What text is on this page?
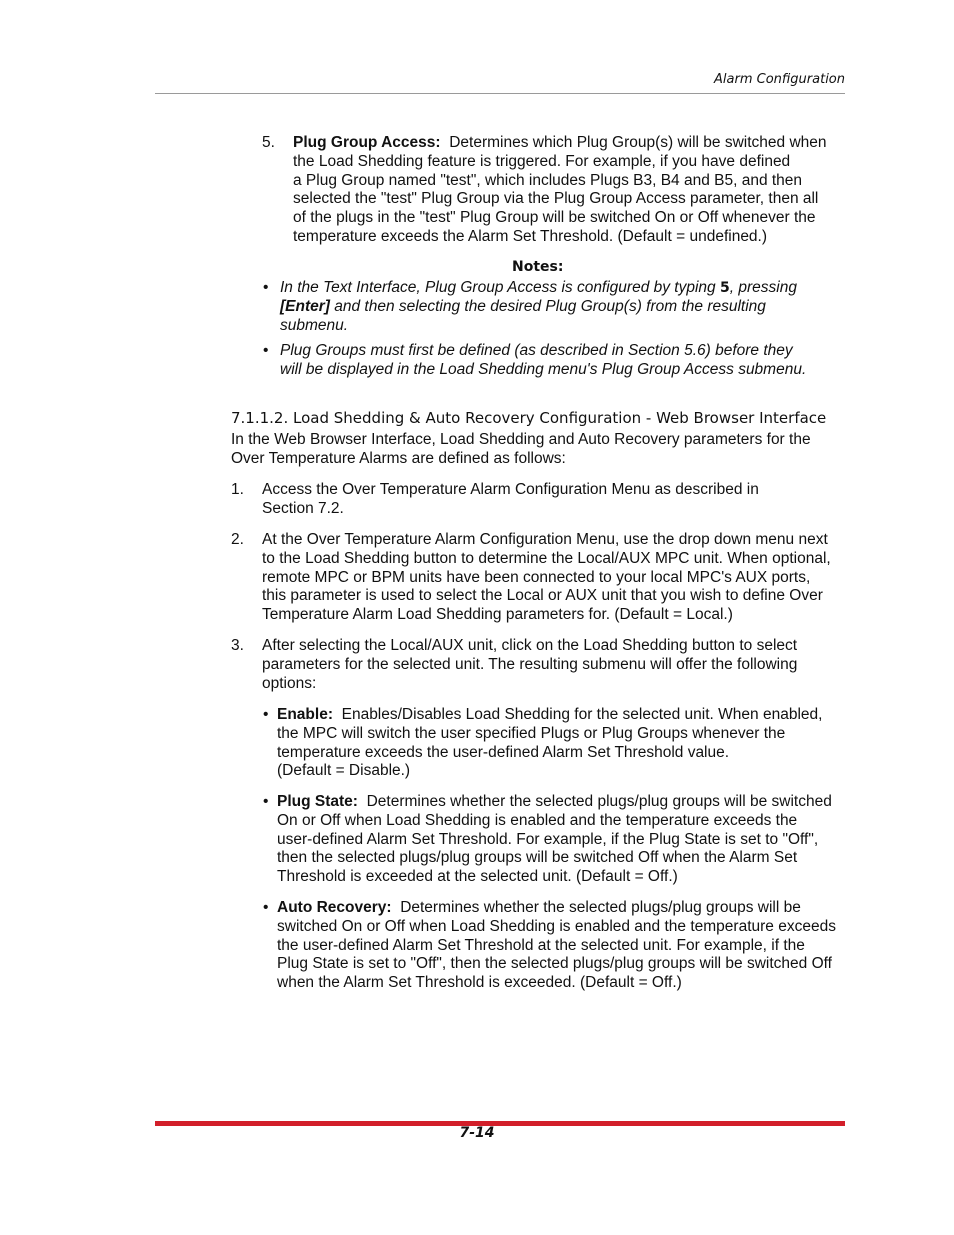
Alarm Configuration
5. Plug Group Access: Determines which Plug Group(s) will be switched when
the Load Shedding feature is triggered. For example, if you have defined
a Plug Group named "test", which includes Plugs B3, B4 and B5, and then
selected the "test" Plug Group via the Plug Group Access parameter, then all
of the plugs in the "test" Plug Group will be switched On or Off whenever the
temperature exceeds the Alarm Set Threshold. (Default = undefined.)
Notes:
• In the Text Interface, Plug Group Access is configured by typing 5, pressing
[Enter] and then selecting the desired Plug Group(s) from the resulting
submenu.
• Plug Groups must first be defined (as described in Section 5.6) before they
will be displayed in the Load Shedding menu's Plug Group Access submenu.
7.1.1.2. Load Shedding & Auto Recovery Configuration - Web Browser Interface
In the Web Browser Interface, Load Shedding and Auto Recovery parameters for the
Over Temperature Alarms are defined as follows:
1. Access the Over Temperature Alarm Configuration Menu as described in
Section 7.2.
2. At the Over Temperature Alarm Configuration Menu, use the drop down menu next
to the Load Shedding button to determine the Local/AUX MPC unit. When optional,
remote MPC or BPM units have been connected to your local MPC's AUX ports,
this parameter is used to select the Local or AUX unit that you wish to define Over
Temperature Alarm Load Shedding parameters for. (Default = Local.)
3. After selecting the Local/AUX unit, click on the Load Shedding button to select
parameters for the selected unit. The resulting submenu will offer the following
options:
• Enable: Enables/Disables Load Shedding for the selected unit. When enabled,
the MPC will switch the user specified Plugs or Plug Groups whenever the
temperature exceeds the user-defined Alarm Set Threshold value.
(Default = Disable.)
• Plug State: Determines whether the selected plugs/plug groups will be switched
On or Off when Load Shedding is enabled and the temperature exceeds the
user-defined Alarm Set Threshold. For example, if the Plug State is set to "Off",
then the selected plugs/plug groups will be switched Off when the Alarm Set
Threshold is exceeded at the selected unit. (Default = Off.)
• Auto Recovery: Determines whether the selected plugs/plug groups will be
switched On or Off when Load Shedding is enabled and the temperature exceeds
the user-defined Alarm Set Threshold at the selected unit. For example, if the
Plug State is set to "Off", then the selected plugs/plug groups will be switched Off
when the Alarm Set Threshold is exceeded. (Default = Off.)
7-14
